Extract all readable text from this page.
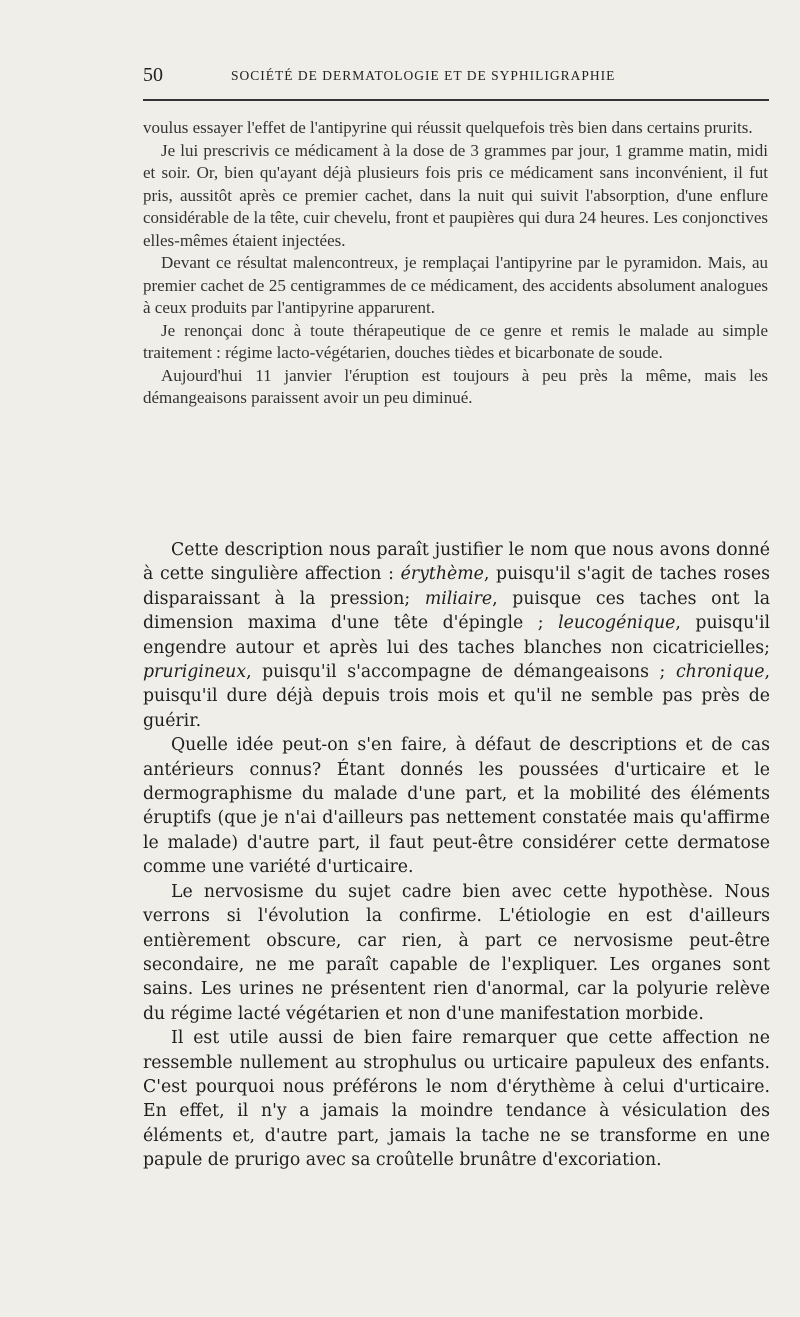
50	SOCIÉTÉ DE DERMATOLOGIE ET DE SYPHILIGRAPHIE

voulus essayer l'effet de l'antipyrine qui réussit quelquefois très bien dans certains prurits.

Je lui prescrivis ce médicament à la dose de 3 grammes par jour, 1 gramme matin, midi et soir. Or, bien qu'ayant déjà plusieurs fois pris ce médicament sans inconvénient, il fut pris, aussitôt après ce premier cachet, dans la nuit qui suivit l'absorption, d'une enflure considérable de la tête, cuir chevelu, front et paupières qui dura 24 heures. Les conjonctives elles-mêmes étaient injectées.

Devant ce résultat malencontreux, je remplaçai l'antipyrine par le pyramidon. Mais, au premier cachet de 25 centigrammes de ce médicament, des accidents absolument analogues à ceux produits par l'antipyrine apparurent.

Je renonçai donc à toute thérapeutique de ce genre et remis le malade au simple traitement : régime lacto-végétarien, douches tièdes et bicarbonate de soude.

Aujourd'hui 11 janvier l'éruption est toujours à peu près la même, mais les démangeaisons paraissent avoir un peu diminué.

Cette description nous paraît justifier le nom que nous avons donné à cette singulière affection : érythème, puisqu'il s'agit de taches roses disparaissant à la pression; miliaire, puisque ces taches ont la dimension maxima d'une tête d'épingle ; leucogénique, puisqu'il engendre autour et après lui des taches blanches non cicatricielles; prurigineux, puisqu'il s'accompagne de démangeaisons ; chronique, puisqu'il dure déjà depuis trois mois et qu'il ne semble pas près de guérir.

Quelle idée peut-on s'en faire, à défaut de descriptions et de cas antérieurs connus? Étant donnés les poussées d'urticaire et le dermographisme du malade d'une part, et la mobilité des éléments éruptifs (que je n'ai d'ailleurs pas nettement constatée mais qu'affirme le malade) d'autre part, il faut peut-être considérer cette dermatose comme une variété d'urticaire.

Le nervosisme du sujet cadre bien avec cette hypothèse. Nous verrons si l'évolution la confirme. L'étiologie en est d'ailleurs entièrement obscure, car rien, à part ce nervosisme peut-être secondaire, ne me paraît capable de l'expliquer. Les organes sont sains. Les urines ne présentent rien d'anormal, car la polyurie relève du régime lacté végétarien et non d'une manifestation morbide.

Il est utile aussi de bien faire remarquer que cette affection ne ressemble nullement au strophulus ou urticaire papuleux des enfants. C'est pourquoi nous préférons le nom d'érythème à celui d'urticaire. En effet, il n'y a jamais la moindre tendance à vésiculation des éléments et, d'autre part, jamais la tache ne se transforme en une papule de prurigo avec sa croûtelle brunâtre d'excoriation.
